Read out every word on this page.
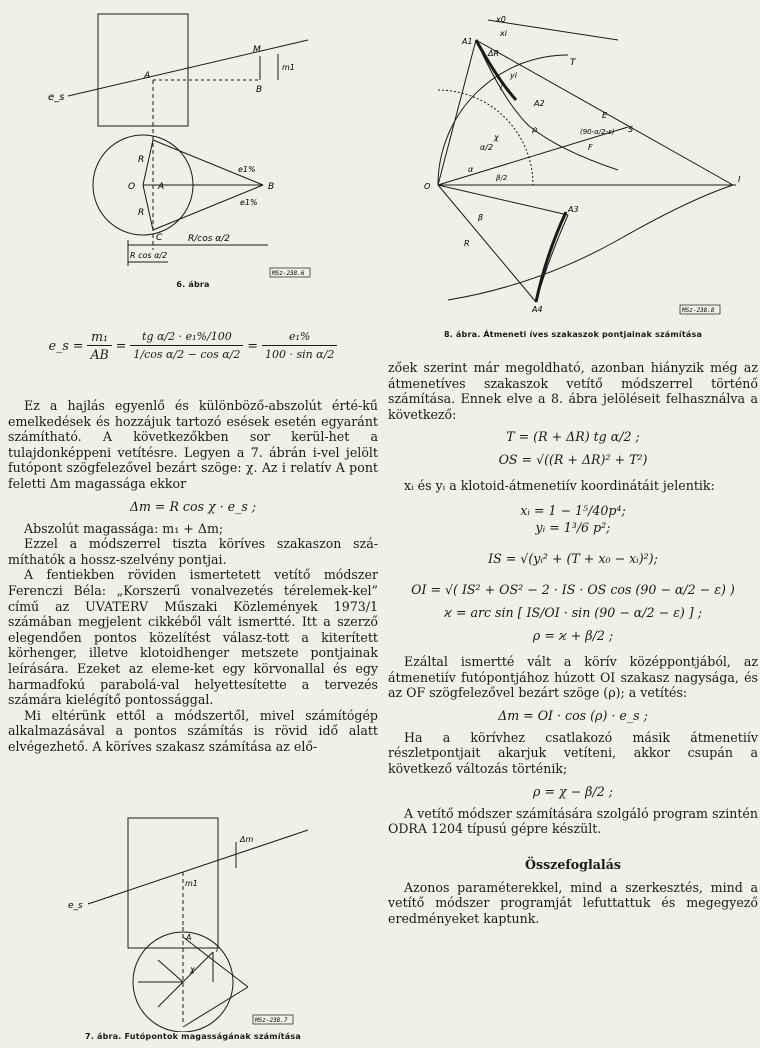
e_s
M
A
B
m1
O	A	B
R
R
C
e1%
e1%
R/cos α/2
R cos α/2
MSz-238.6
6. ábra
e_s = $\frac{\text{m₁}}{AB} = \frac{\text{tg α/2 · e₁\%/100}}{\text{1/cos α/2 − cos α/2}} = \frac{\text{e₁\%}}{\text{100 · sin α/2}}$

Ez a hajlás egyenlő és különböző-abszolút érté-kű emelkedések és hozzájuk tartozó esések esetén egyaránt számítható. A következőkben sor kerül-het a tulajdonképpeni vetítésre. Legyen a 7. ábrán i-vel jelölt futópont szögfelezővel bezárt szöge: χ. Az i relatív A pont feletti Δm magassága ekkor

Δm = R cos χ · e_s ;

Abszolút magassága: m₁ + Δm;

Ezzel a módszerrel tiszta köríves szakaszon szá-míthatók a hossz-szelvény pontjai.

A fentiekben röviden ismertetett vetítő módszer Ferenczi Béla: „Korszerű vonalvezetés térelemek-kel” című az UVATERV Műszaki Közlemények 1973/1 számában megjelent cikkéből vált ismertté. Itt a szerző elegendően pontos közelítést válasz-tott a kiterített körhenger, illetve klotoidhenger metszete pontjainak leírására. Ezeket az eleme-ket egy körvonallal és egy harmadfokú parabolá-val helyettesítette a tervezés számára kielégítő pontossággal.

Mi eltérünk ettől a módszertől, mivel számítógép alkalmazásával a pontos számítás is rövid idő alatt elvégezhető. A köríves szakasz számítása az elő-

e_s
Δm
m1
A
i
χ
MSz-238.7
7. ábra. Futópontok magasságának számítása
A1
x0
xi
ΔR
yi
T
i
A2
E
S
F
(90-α/2-ε)
α/2
χ
ρ
α
β/2
O
β
A3
R
A4
I
MSz-238.8
8. ábra. Átmeneti íves szakaszok pontjainak számítása

zőek szerint már megoldható, azonban hiányzik még az átmenetíves szakaszok vetítő módszerrel történő számítása. Ennek elve a 8. ábra jelöléseit felhasználva a következő:

T = (R + ΔR) tg α/2 ;
OS = √((R + ΔR)² + T²)

xᵢ és yᵢ a klotoid-átmenetiív koordinátáit jelentik:

xᵢ = 1 − 1⁵/40p⁴;
yᵢ = 1³/6 p²;
IS = √(yᵢ² + (T + x₀ − xᵢ)²);
OI = √( IS² + OS² − 2 · IS · OS cos (90 − α/2 − ε) )
ϰ = arc sin [ IS/OI · sin (90 − α/2 − ε) ] ;
ρ = ϰ + β/2 ;

Ezáltal ismertté vált a körív középpontjából, az átmenetiív futópontjához húzott OI szakasz nagysága, és az OF szögfelezővel bezárt szöge (ρ); a vetítés:

Δm = OI · cos (ρ) · e_s ;

Ha a körívhez csatlakozó másik átmenetiív részletpontjait akarjuk vetíteni, akkor csupán a következő változás történik;

ρ = χ − β/2 ;

A vetítő módszer számítására szolgáló program szintén ODRA 1204 típusú gépre készült.

Összefoglalás

Azonos paraméterekkel, mind a szerkesztés, mind a vetítő módszer programját lefuttattuk és megegyező eredményeket kaptunk.
